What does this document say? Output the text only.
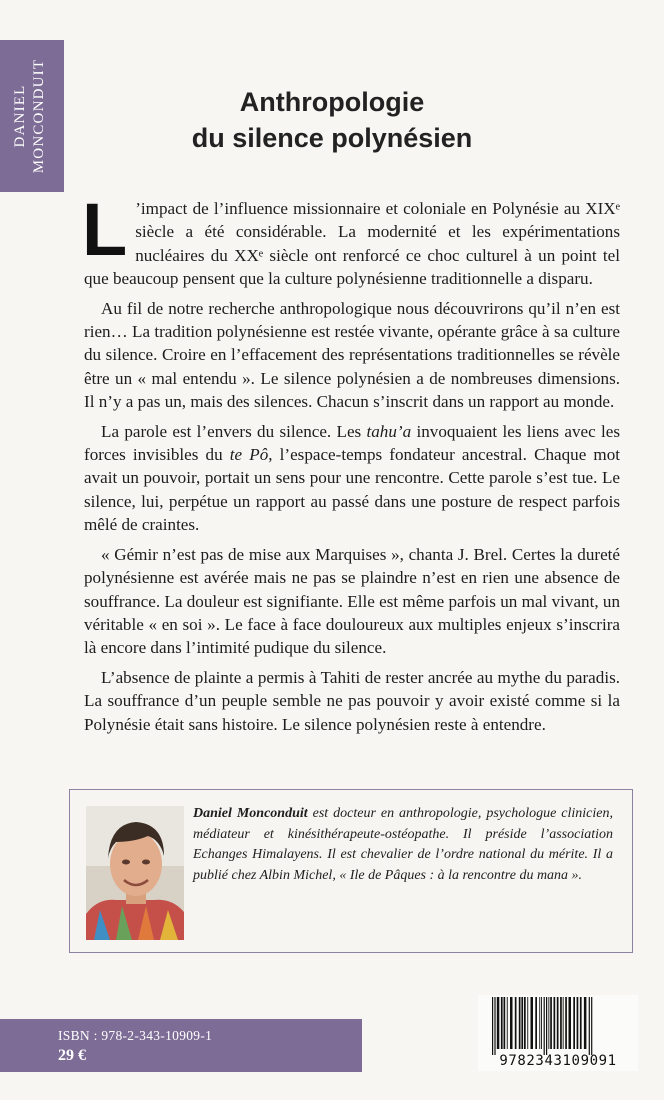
DANIEL MONCONDUIT	Anthropologie
du silence polynésien

L ’impact de l’influence missionnaire et coloniale en Polynésie au XIXᵉ siècle a été considérable. La modernité et les expérimentations nucléaires du XXᵉ siècle ont renforcé ce choc culturel à un point tel que beaucoup pensent que la culture polynésienne traditionnelle a disparu.

Au fil de notre recherche anthropologique nous découvrirons qu’il n’en est rien… La tradition polynésienne est restée vivante, opérante grâce à sa culture du silence. Croire en l’effacement des représentations traditionnelles se révèle être un « mal entendu ». Le silence polynésien a de nombreuses dimensions. Il n’y a pas un, mais des silences. Chacun s’inscrit dans un rapport au monde.

La parole est l’envers du silence. Les tahu’a invoquaient les liens avec les forces invisibles du te Pô, l’espace-temps fondateur ancestral. Chaque mot avait un pouvoir, portait un sens pour une rencontre. Cette parole s’est tue. Le silence, lui, perpétue un rapport au passé dans une posture de respect parfois mêlé de craintes.

« Gémir n’est pas de mise aux Marquises », chanta J. Brel. Certes la dureté polynésienne est avérée mais ne pas se plaindre n’est en rien une absence de souffrance. La douleur est signifiante. Elle est même parfois un mal vivant, un véritable « en soi ». Le face à face douloureux aux multiples enjeux s’inscrira là encore dans l’intimité pudique du silence.

L’absence de plainte a permis à Tahiti de rester ancrée au mythe du paradis. La souffrance d’un peuple semble ne pas pouvoir y avoir existé comme si la Polynésie était sans histoire. Le silence polynésien reste à entendre.

Daniel Monconduit est docteur en anthropologie, psychologue clinicien, médiateur et kinésithérapeute-ostéopathe. Il préside l’association Echanges Himalayens. Il est chevalier de l’ordre national du mérite. Il a publié chez Albin Michel, « Ile de Pâques : à la rencontre du mana ».
ISBN : 978-2-343-10909-1
29 €	9782343109091
